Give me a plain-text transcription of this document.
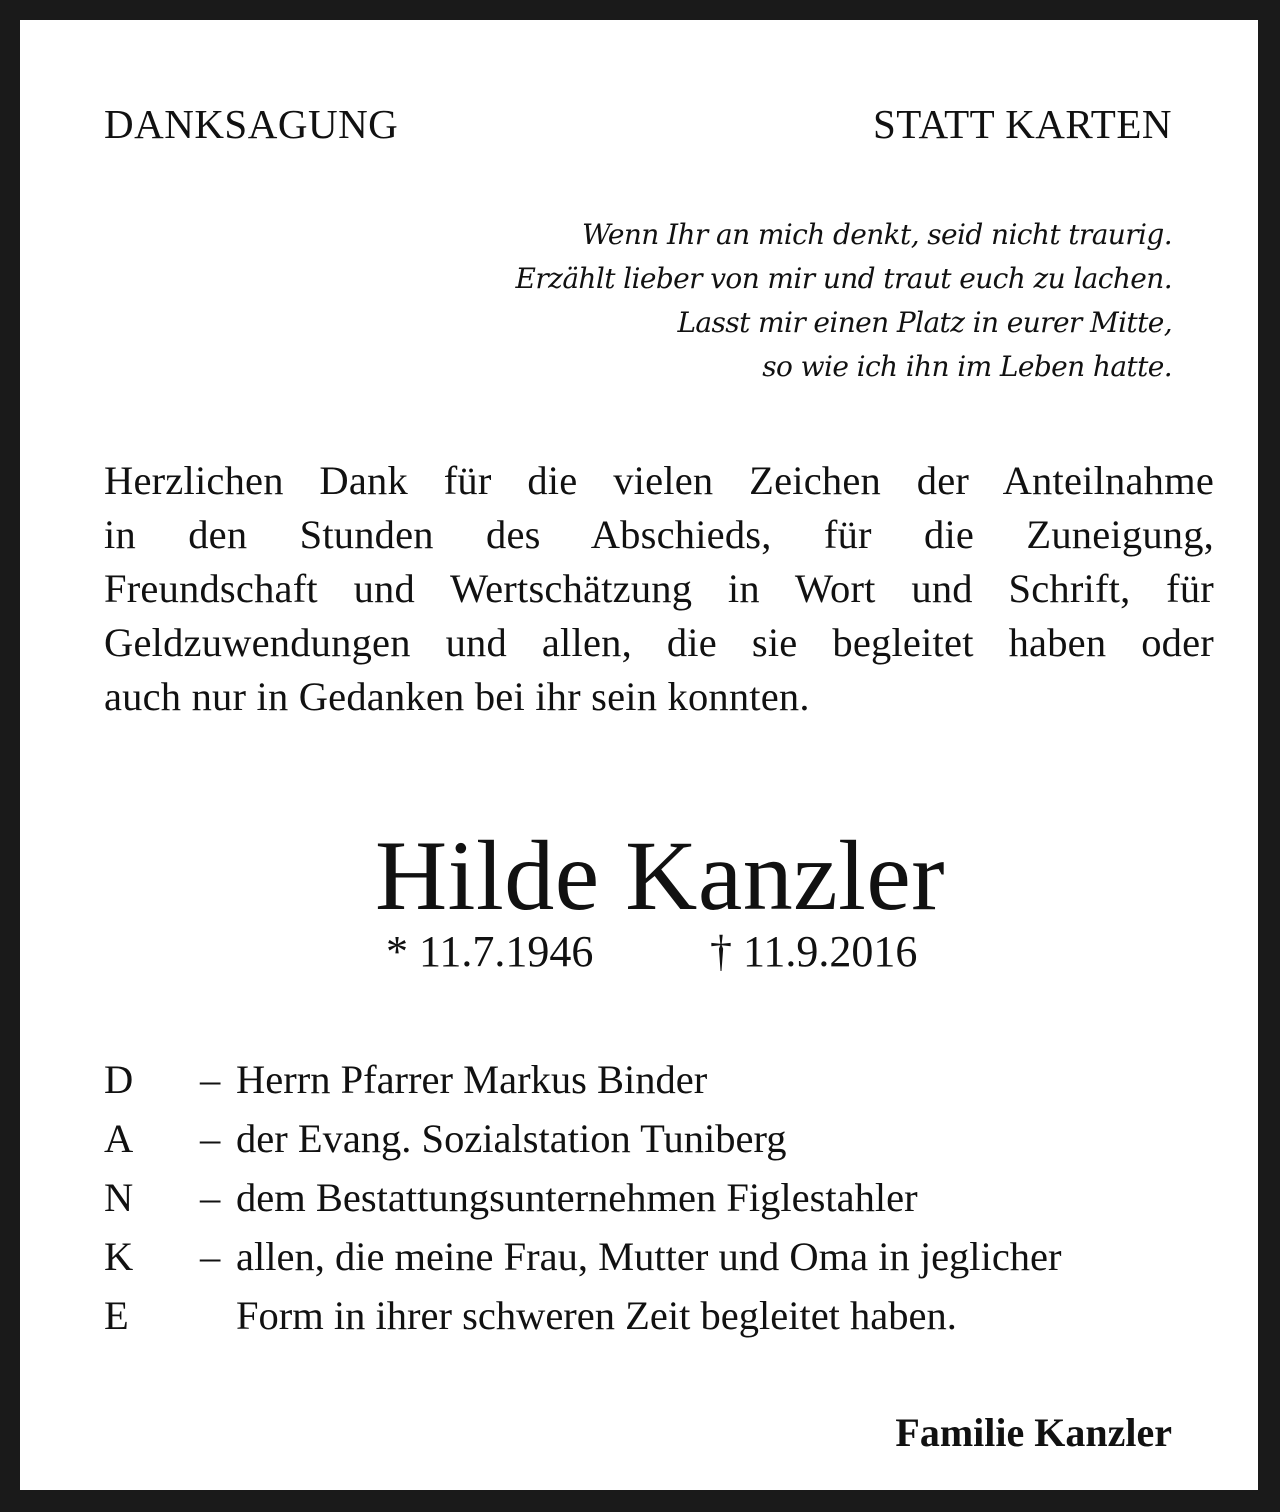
DANKSAGUNG	STATT KARTEN

Wenn Ihr an mich denkt, seid nicht traurig.
Erzählt lieber von mir und traut euch zu lachen.
Lasst mir einen Platz in eurer Mitte,
so wie ich ihn im Leben hatte.
Herzlichen Dank für die vielen Zeichen der Anteilnahme
in den Stunden des Abschieds, für die Zuneigung,
Freundschaft und Wertschätzung in Wort und Schrift, für
Geldzuwendungen und allen, die sie begleitet haben oder
auch nur in Gedanken bei ihr sein konnten.
Hilde Kanzler

* 11.7.1946	† 11.9.2016

D – Herrn Pfarrer Markus Binder
A – der Evang. Sozialstation Tuniberg
N – dem Bestattungsunternehmen Figlestahler
K – allen, die meine Frau, Mutter und Oma in jeglicher
E	Form in ihrer schweren Zeit begleitet haben.

Familie Kanzler
